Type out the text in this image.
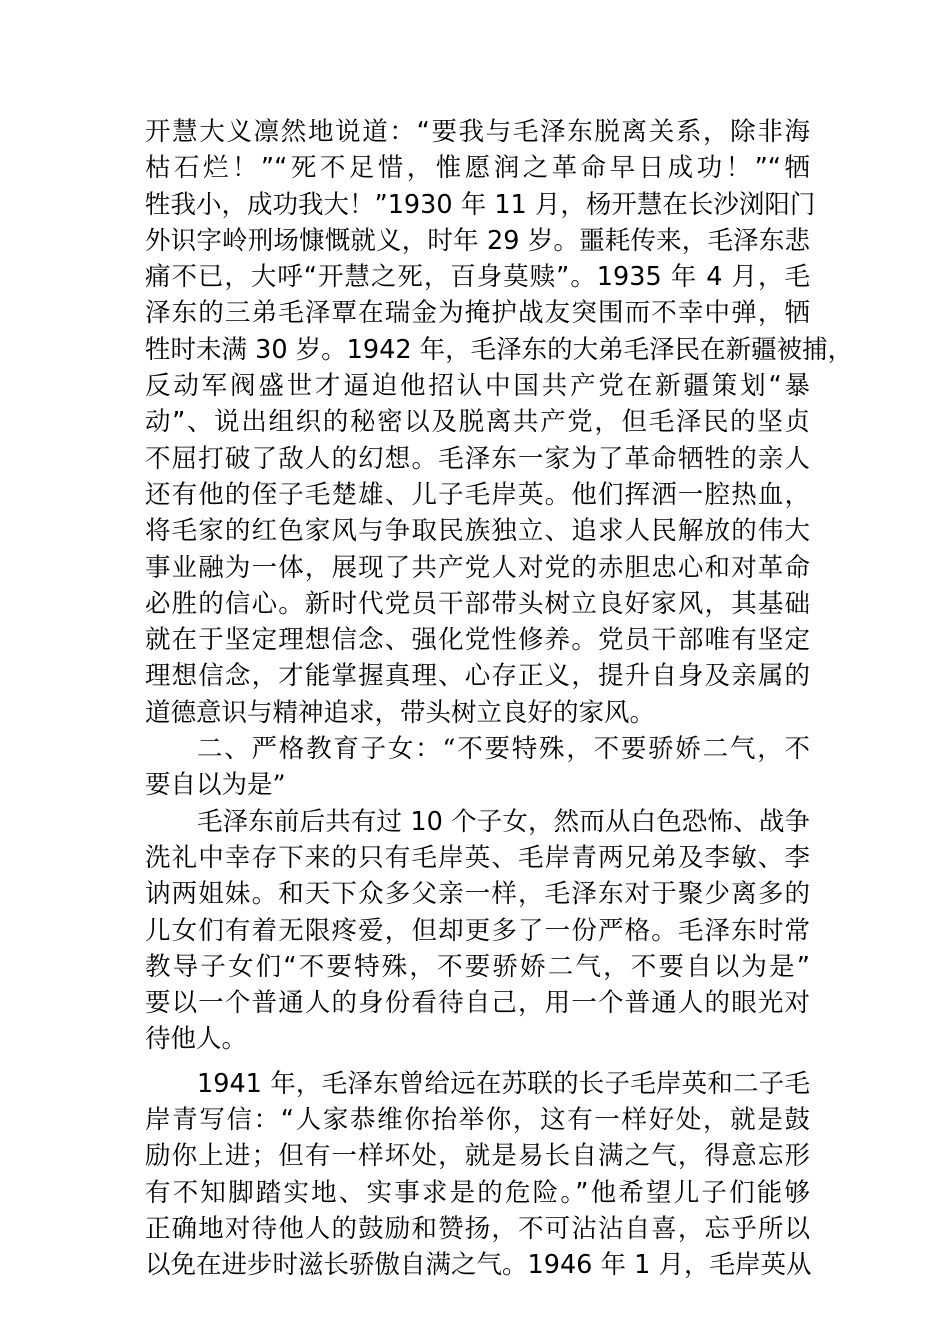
开慧大义凛然地说道：“要我与毛泽东脱离关系，除非海
枯石烂！”“死不足惜，惟愿润之革命早日成功！”“牺
牲我小，成功我大！”1930 年 11 月，杨开慧在长沙浏阳门
外识字岭刑场慷慨就义，时年 29 岁。噩耗传来，毛泽东悲
痛不已，大呼“开慧之死，百身莫赎”。1935 年 4 月，毛
泽东的三弟毛泽覃在瑞金为掩护战友突围而不幸中弹，牺
牲时未满 30 岁。1942 年，毛泽东的大弟毛泽民在新疆被捕，
反动军阀盛世才逼迫他招认中国共产党在新疆策划“暴
动”、说出组织的秘密以及脱离共产党，但毛泽民的坚贞
不屈打破了敌人的幻想。毛泽东一家为了革命牺牲的亲人
还有他的侄子毛楚雄、儿子毛岸英。他们挥洒一腔热血，
将毛家的红色家风与争取民族独立、追求人民解放的伟大
事业融为一体，展现了共产党人对党的赤胆忠心和对革命
必胜的信心。新时代党员干部带头树立良好家风，其基础
就在于坚定理想信念、强化党性修养。党员干部唯有坚定
理想信念，才能掌握真理、心存正义，提升自身及亲属的
道德意识与精神追求，带头树立良好的家风。
二、严格教育子女：“不要特殊，不要骄娇二气，不
要自以为是”
毛泽东前后共有过 10 个子女，然而从白色恐怖、战争
洗礼中幸存下来的只有毛岸英、毛岸青两兄弟及李敏、李
讷两姐妹。和天下众多父亲一样，毛泽东对于聚少离多的
儿女们有着无限疼爱，但却更多了一份严格。毛泽东时常
教导子女们“不要特殊，不要骄娇二气，不要自以为是”
要以一个普通人的身份看待自己，用一个普通人的眼光对
待他人。
1941 年，毛泽东曾给远在苏联的长子毛岸英和二子毛
岸青写信：“人家恭维你抬举你，这有一样好处，就是鼓
励你上进；但有一样坏处，就是易长自满之气，得意忘形
有不知脚踏实地、实事求是的危险。”他希望儿子们能够
正确地对待他人的鼓励和赞扬，不可沾沾自喜，忘乎所以
以免在进步时滋长骄傲自满之气。1946 年 1 月，毛岸英从
